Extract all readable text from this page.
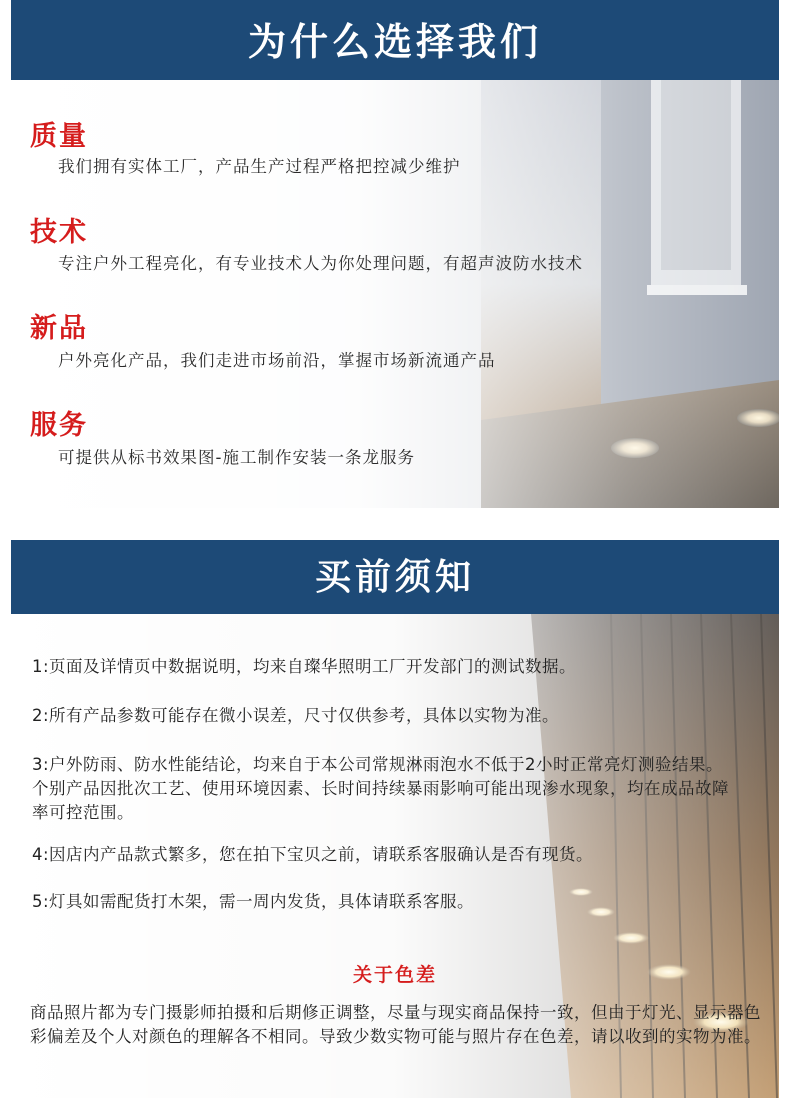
为什么选择我们
质量
我们拥有实体工厂，产品生产过程严格把控减少维护
技术
专注户外工程亮化，有专业技术人为你处理问题，有超声波防水技术
新品
户外亮化产品，我们走进市场前沿，掌握市场新流通产品
服务
可提供从标书效果图-施工制作安装一条龙服务
买前须知
1:页面及详情页中数据说明，均来自璨华照明工厂开发部门的测试数据。
2:所有产品参数可能存在微小误差，尺寸仅供参考，具体以实物为准。
3:户外防雨、防水性能结论，均来自于本公司常规淋雨泡水不低于2小时正常亮灯测验结果。个别产品因批次工艺、使用环境因素、长时间持续暴雨影响可能出现渗水现象，均在成品故障率可控范围。
4:因店内产品款式繁多，您在拍下宝贝之前，请联系客服确认是否有现货。
5:灯具如需配货打木架，需一周内发货，具体请联系客服。
关于色差
商品照片都为专门摄影师拍摄和后期修正调整，尽量与现实商品保持一致，但由于灯光、显示器色彩偏差及个人对颜色的理解各不相同。导致少数实物可能与照片存在色差，请以收到的实物为准。
